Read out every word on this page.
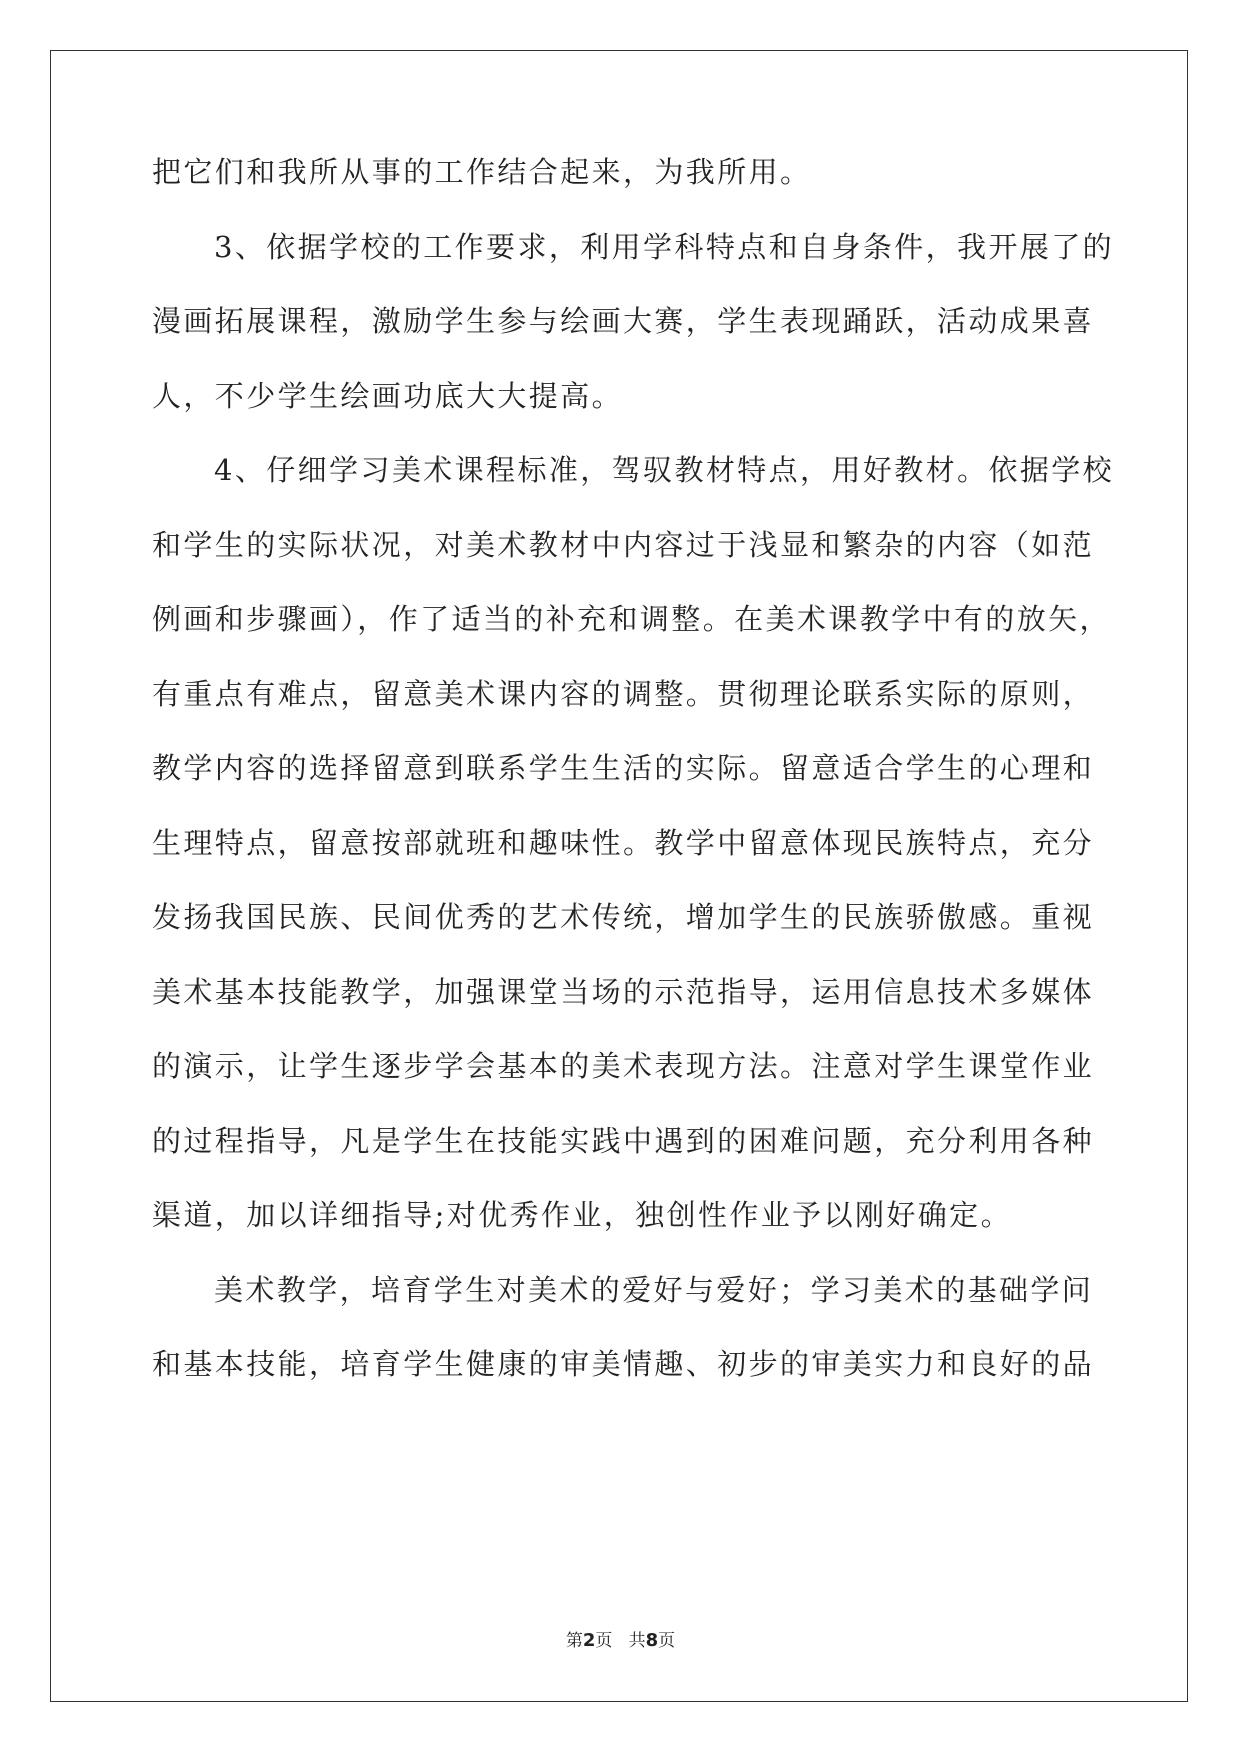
把它们和我所从事的工作结合起来，为我所用。
3、依据学校的工作要求，利用学科特点和自身条件，我开展了的
漫画拓展课程，激励学生参与绘画大赛，学生表现踊跃，活动成果喜
人，不少学生绘画功底大大提高。
4、仔细学习美术课程标准，驾驭教材特点，用好教材。依据学校
和学生的实际状况，对美术教材中内容过于浅显和繁杂的内容（如范
例画和步骤画），作了适当的补充和调整。在美术课教学中有的放矢，
有重点有难点，留意美术课内容的调整。贯彻理论联系实际的原则，
教学内容的选择留意到联系学生生活的实际。留意适合学生的心理和
生理特点，留意按部就班和趣味性。教学中留意体现民族特点，充分
发扬我国民族、民间优秀的艺术传统，增加学生的民族骄傲感。重视
美术基本技能教学，加强课堂当场的示范指导，运用信息技术多媒体
的演示，让学生逐步学会基本的美术表现方法。注意对学生课堂作业
的过程指导，凡是学生在技能实践中遇到的困难问题，充分利用各种
渠道，加以详细指导;对优秀作业，独创性作业予以刚好确定。
美术教学，培育学生对美术的爱好与爱好；学习美术的基础学问
和基本技能，培育学生健康的审美情趣、初步的审美实力和良好的品
第2页 共8页
